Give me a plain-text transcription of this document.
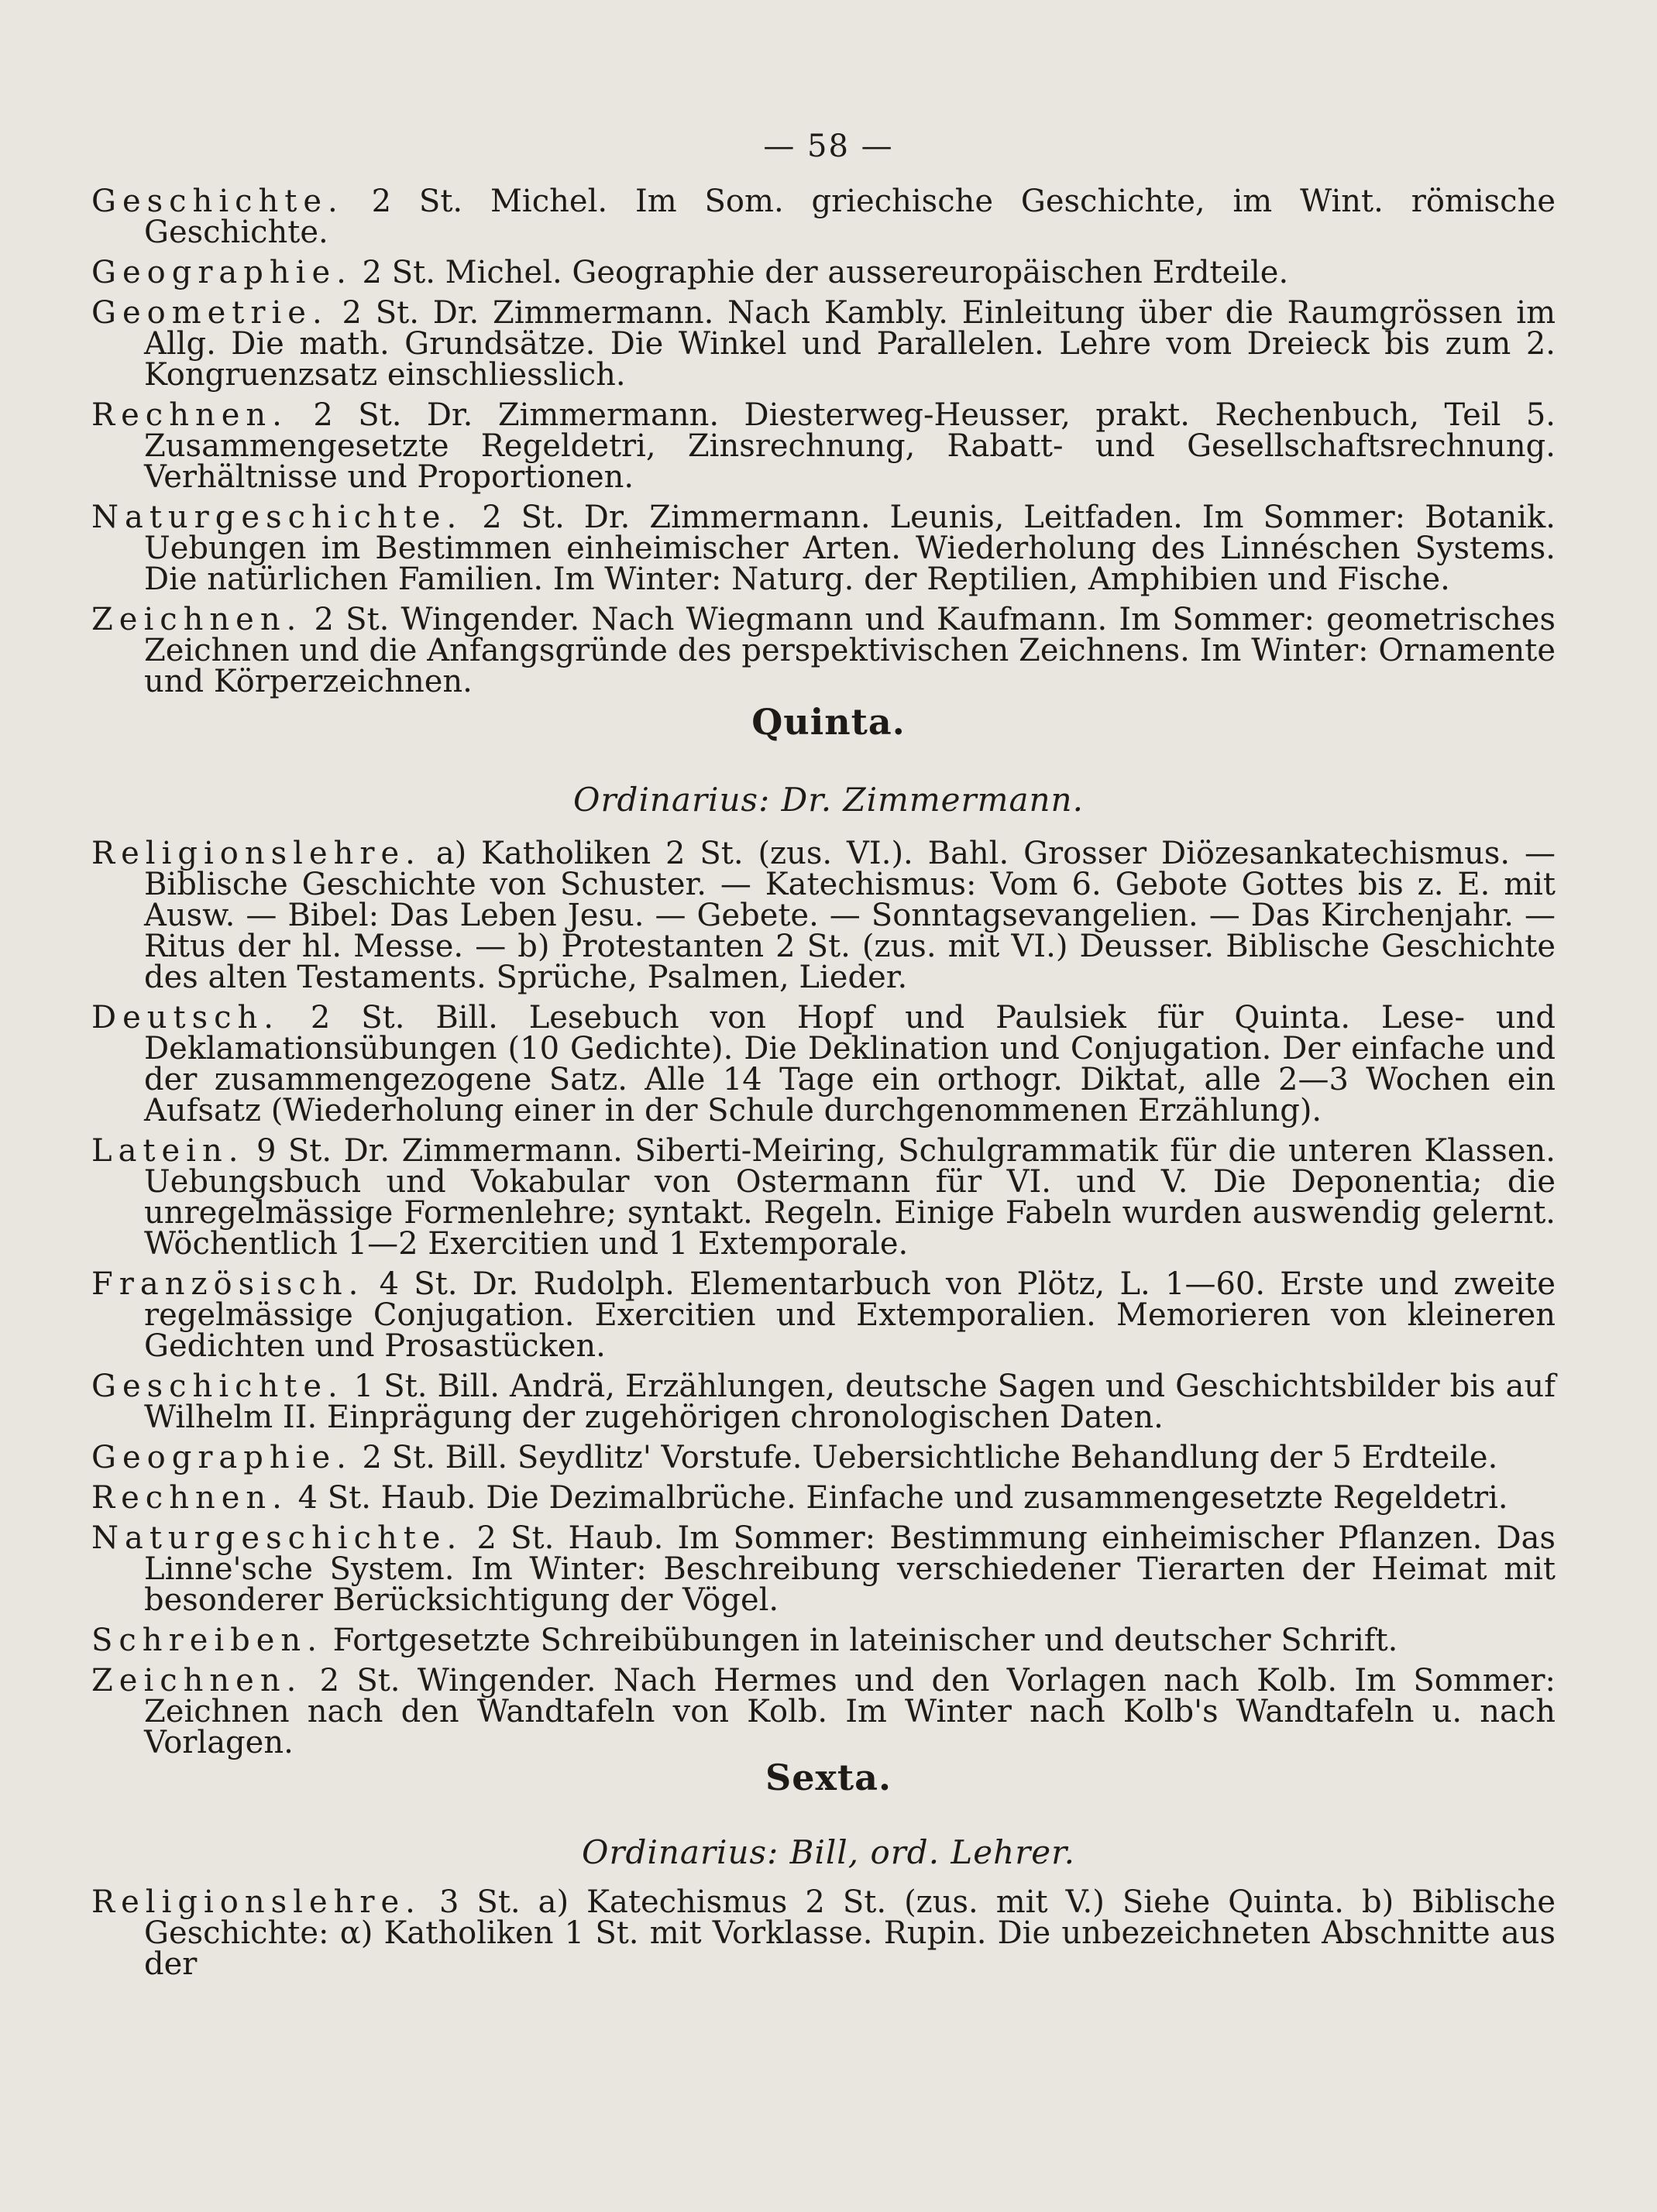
— 58 —

Geschichte. 2 St. Michel. Im Som. griechische Geschichte, im Wint. römische Geschichte.

Geographie. 2 St. Michel. Geographie der aussereuropäischen Erdteile.

Geometrie. 2 St. Dr. Zimmermann. Nach Kambly. Einleitung über die Raumgrössen im Allg. Die math. Grundsätze. Die Winkel und Parallelen. Lehre vom Dreieck bis zum 2. Kongruenzsatz einschliesslich.

Rechnen. 2 St. Dr. Zimmermann. Diesterweg-Heusser, prakt. Rechenbuch, Teil 5. Zusammengesetzte Regeldetri, Zinsrechnung, Rabatt- und Gesellschaftsrechnung. Verhältnisse und Proportionen.

Naturgeschichte. 2 St. Dr. Zimmermann. Leunis, Leitfaden. Im Sommer: Botanik. Uebungen im Bestimmen einheimischer Arten. Wiederholung des Linnéschen Systems. Die natürlichen Familien. Im Winter: Naturg. der Reptilien, Amphibien und Fische.

Zeichnen. 2 St. Wingender. Nach Wiegmann und Kaufmann. Im Sommer: geometrisches Zeichnen und die Anfangsgründe des perspektivischen Zeichnens. Im Winter: Ornamente und Körperzeichnen.

Quinta.
Ordinarius: Dr. Zimmermann.

Religionslehre. a) Katholiken 2 St. (zus. VI.). Bahl. Grosser Diözesankatechismus. — Biblische Geschichte von Schuster. — Katechismus: Vom 6. Gebote Gottes bis z. E. mit Ausw. — Bibel: Das Leben Jesu. — Gebete. — Sonntagsevangelien. — Das Kirchenjahr. — Ritus der hl. Messe. — b) Protestanten 2 St. (zus. mit VI.) Deusser. Biblische Geschichte des alten Testaments. Sprüche, Psalmen, Lieder.

Deutsch. 2 St. Bill. Lesebuch von Hopf und Paulsiek für Quinta. Lese- und Deklamationsübungen (10 Gedichte). Die Deklination und Conjugation. Der einfache und der zusammengezogene Satz. Alle 14 Tage ein orthogr. Diktat, alle 2—3 Wochen ein Aufsatz (Wiederholung einer in der Schule durchgenommenen Erzählung).

Latein. 9 St. Dr. Zimmermann. Siberti-Meiring, Schulgrammatik für die unteren Klassen. Uebungsbuch und Vokabular von Ostermann für VI. und V. Die Deponentia; die unregelmässige Formenlehre; syntakt. Regeln. Einige Fabeln wurden auswendig gelernt. Wöchentlich 1—2 Exercitien und 1 Extemporale.

Französisch. 4 St. Dr. Rudolph. Elementarbuch von Plötz, L. 1—60. Erste und zweite regelmässige Conjugation. Exercitien und Extemporalien. Memorieren von kleineren Gedichten und Prosastücken.

Geschichte. 1 St. Bill. Andrä, Erzählungen, deutsche Sagen und Geschichtsbilder bis auf Wilhelm II. Einprägung der zugehörigen chronologischen Daten.

Geographie. 2 St. Bill. Seydlitz' Vorstufe. Uebersichtliche Behandlung der 5 Erdteile.

Rechnen. 4 St. Haub. Die Dezimalbrüche. Einfache und zusammengesetzte Regeldetri.

Naturgeschichte. 2 St. Haub. Im Sommer: Bestimmung einheimischer Pflanzen. Das Linne'sche System. Im Winter: Beschreibung verschiedener Tierarten der Heimat mit besonderer Berücksichtigung der Vögel.

Schreiben. Fortgesetzte Schreibübungen in lateinischer und deutscher Schrift.

Zeichnen. 2 St. Wingender. Nach Hermes und den Vorlagen nach Kolb. Im Sommer: Zeichnen nach den Wandtafeln von Kolb. Im Winter nach Kolb's Wandtafeln u. nach Vorlagen.

Sexta.
Ordinarius: Bill, ord. Lehrer.

Religionslehre. 3 St. a) Katechismus 2 St. (zus. mit V.) Siehe Quinta. b) Biblische Geschichte: α) Katholiken 1 St. mit Vorklasse. Rupin. Die unbezeichneten Abschnitte aus der
